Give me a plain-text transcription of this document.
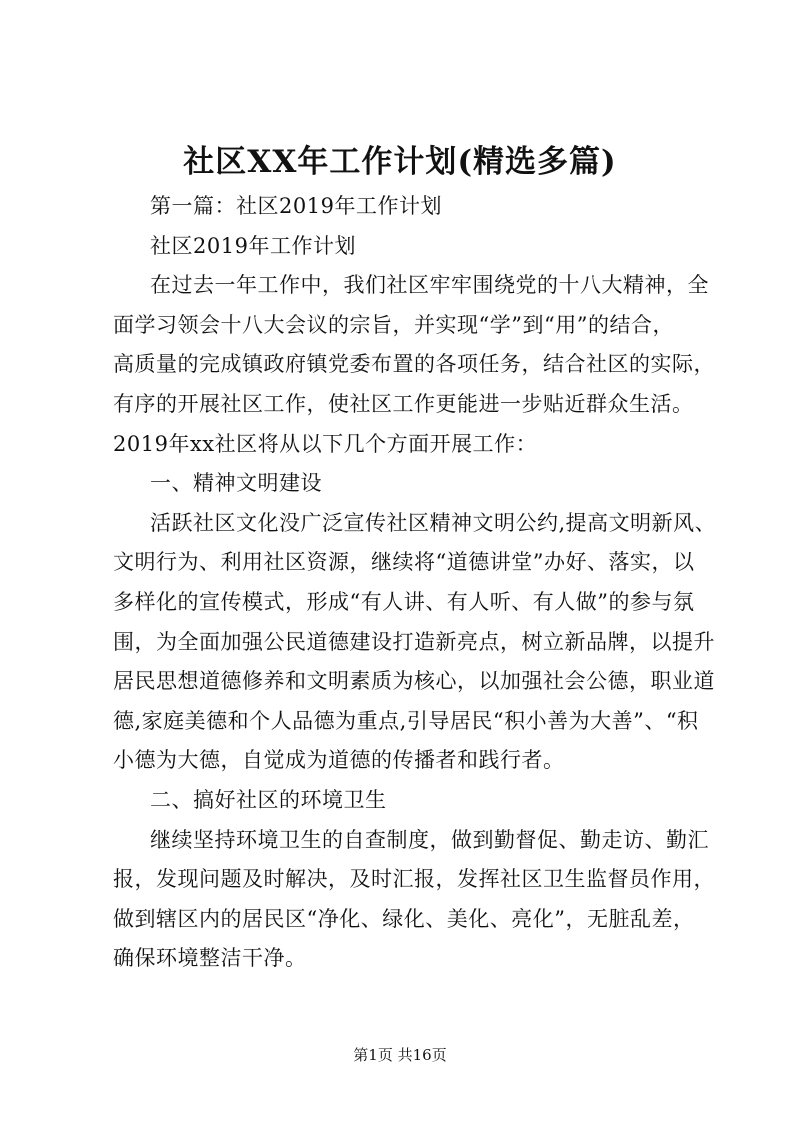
社区XX年工作计划(精选多篇)
第一篇：社区2019年工作计划
社区2019年工作计划
在过去一年工作中，我们社区牢牢围绕党的十八大精神，全
面学习领会十八大会议的宗旨，并实现“学”到“用”的结合，
高质量的完成镇政府镇党委布置的各项任务，结合社区的实际，
有序的开展社区工作，使社区工作更能进一步贴近群众生活。
2019年xx社区将从以下几个方面开展工作：
一、精神文明建设
活跃社区文化没广泛宣传社区精神文明公约,提高文明新风、
文明行为、利用社区资源，继续将“道德讲堂”办好、落实，以
多样化的宣传模式，形成“有人讲、有人听、有人做”的参与氛
围，为全面加强公民道德建设打造新亮点，树立新品牌，以提升
居民思想道德修养和文明素质为核心，以加强社会公德，职业道
德,家庭美德和个人品德为重点,引导居民“积小善为大善”、“积
小德为大德，自觉成为道德的传播者和践行者。
二、搞好社区的环境卫生
继续坚持环境卫生的自查制度，做到勤督促、勤走访、勤汇
报，发现问题及时解决，及时汇报，发挥社区卫生监督员作用，
做到辖区内的居民区“净化、绿化、美化、亮化”，无脏乱差，
确保环境整洁干净。
第1页 共16页
